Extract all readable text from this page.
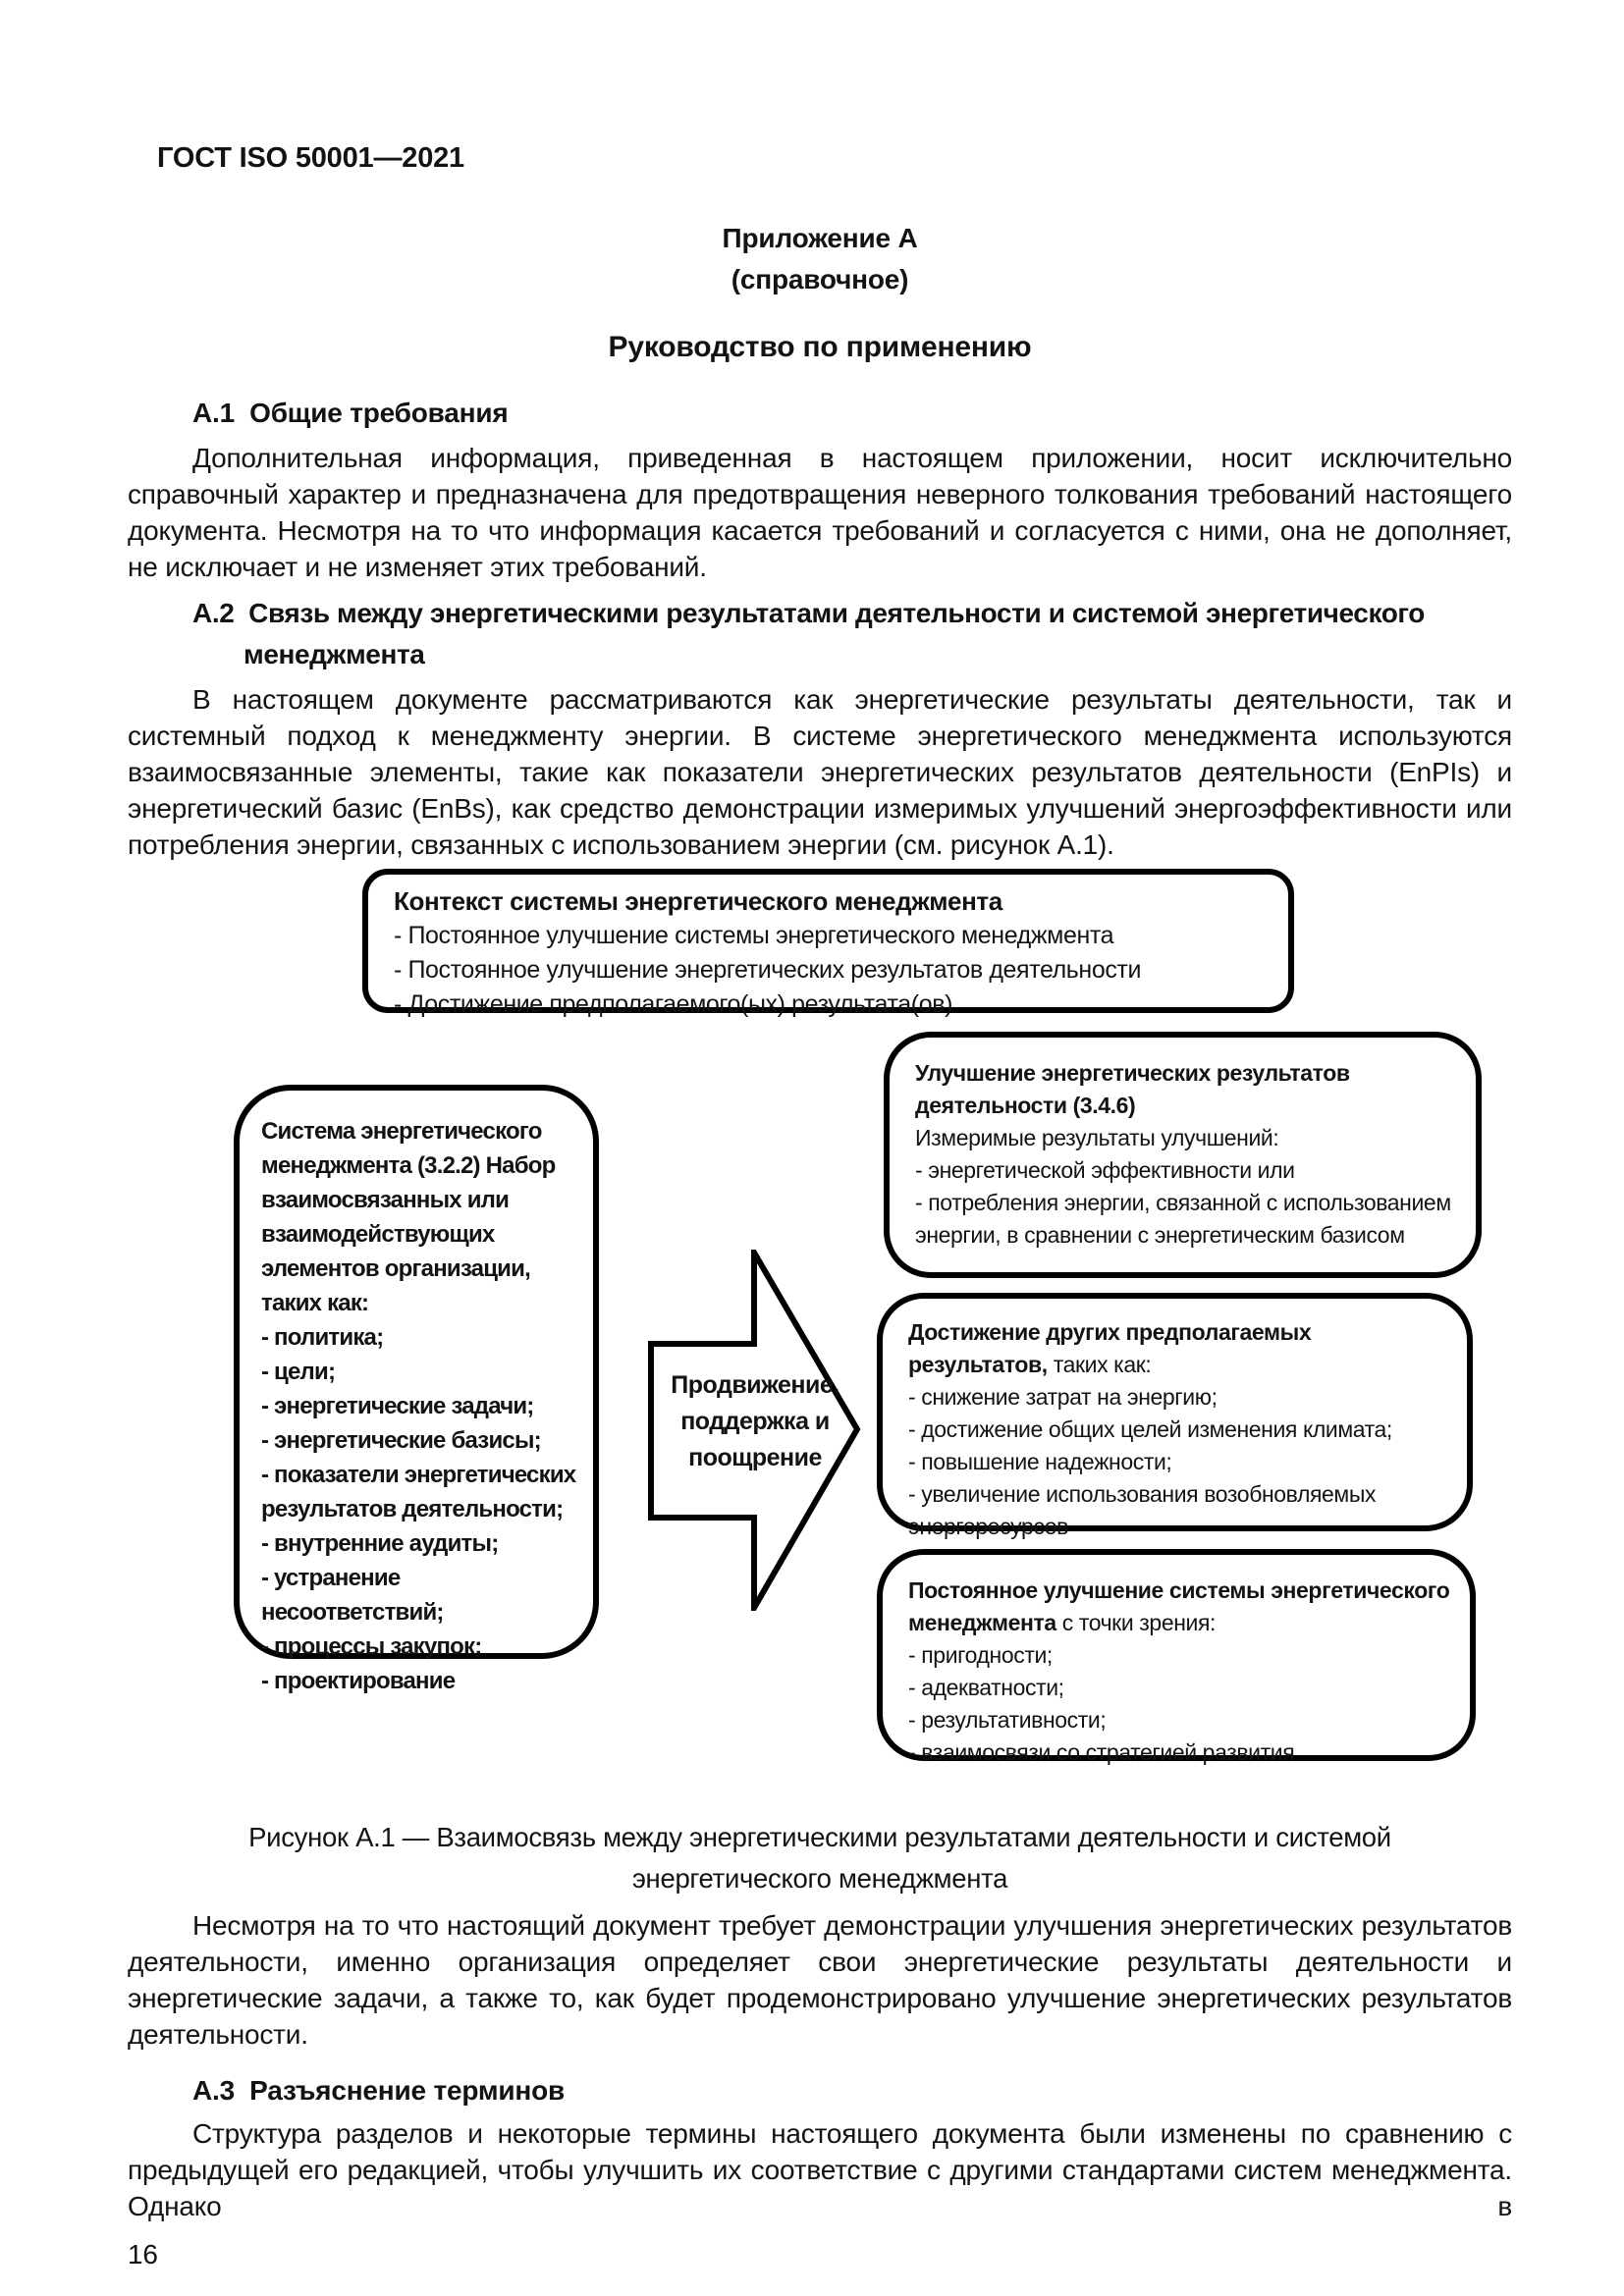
ГОСТ ISO 50001—2021
Приложение А
(справочное)
Руководство по применению
А.1  Общие требования

Дополнительная информация, приведенная в настоящем приложении, носит исключительно справочный характер и предназначена для предотвращения неверного толкования требований настоящего документа. Несмотря на то что информация касается требований и согласуется с ними, она не дополняет, не исключает и не изменяет этих требований.

А.2  Связь между энергетическими результатами деятельности и системой энергетического менеджмента

В настоящем документе рассматриваются как энергетические результаты деятельности, так и системный подход к менеджменту энергии. В системе энергетического менеджмента используются взаимосвязанные элементы, такие как показатели энергетических результатов деятельности (EnPIs) и энергетический базис (EnBs), как средство демонстрации измеримых улучшений энергоэффективности или потребления энергии, связанных с использованием энергии (см. рисунок А.1).

Контекст системы энергетического менеджмента
- Постоянное улучшение системы энергетического менеджмента
- Постоянное улучшение энергетических результатов деятельности
- Достижение предполагаемого(ых) результата(ов)
Система энергетического менеджмента (3.2.2) Набор взаимосвязанных или взаимодействующих элементов организации, таких как:
- политика;
- цели;
- энергетические задачи;
- энергетические базисы;
- показатели энергетических результатов деятельности;
- внутренние аудиты;
- устранение несоответствий;
- процессы закупок;
- проектирование
Продвижение, поддержка и поощрение
Улучшение энергетических результатов деятельности (3.4.6)
Измеримые результаты улучшений:
- энергетической эффективности или
- потребления энергии, связанной с использованием энергии, в сравнении с энергетическим базисом
Достижение других предполагаемых результатов, таких как:
- снижение затрат на энергию;
- достижение общих целей изменения климата;
- повышение надежности;
- увеличение использования возобновляемых энергоресурсов
Постоянное улучшение системы энергетического менеджмента с точки зрения:
- пригодности;
- адекватности;
- результативности;
- взаимосвязи со стратегией развития
Рисунок А.1 — Взаимосвязь между энергетическими результатами деятельности и системой энергетического менеджмента

Несмотря на то что настоящий документ требует демонстрации улучшения энергетических результатов деятельности, именно организация определяет свои энергетические результаты деятельности и энергетические задачи, а также то, как будет продемонстрировано улучшение энергетических результатов деятельности.

А.3  Разъяснение терминов

Структура разделов и некоторые термины настоящего документа были изменены по сравнению с предыдущей его редакцией, чтобы улучшить их соответствие с другими стандартами систем менеджмента. Однако в

16
